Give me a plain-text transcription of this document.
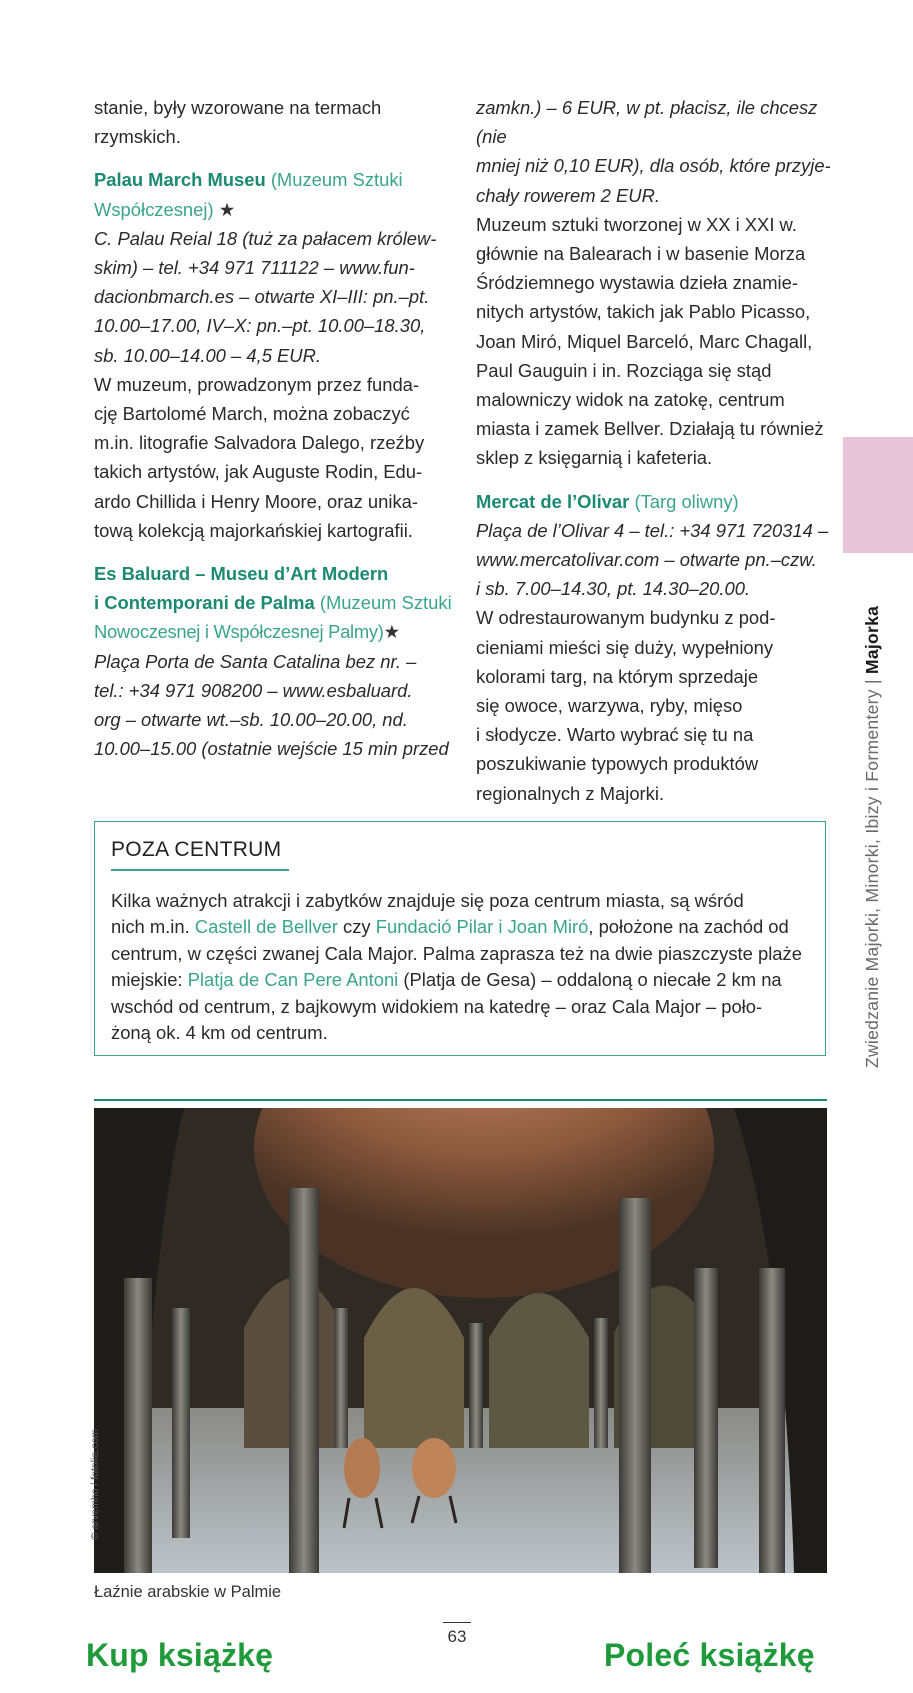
stanie, były wzorowane na termach

rzymskich.

Palau March Museu (Muzeum Sztuki

Współczesnej) ★

C. Palau Reial 18 (tuż za pałacem królew-

skim) – tel. +34 971 711122 – www.fun-

dacionbmarch.es – otwarte XI–III: pn.–pt.

10.00–17.00, IV–X: pn.–pt. 10.00–18.30,

sb. 10.00–14.00 – 4,5 EUR.

W muzeum, prowadzonym przez funda-

cję Bartolomé March, można zobaczyć

m.in. litografie Salvadora Dalego, rzeźby

takich artystów, jak Auguste Rodin, Edu-

ardo Chillida i Henry Moore, oraz unika-

tową kolekcją majorkańskiej kartografii.

Es Baluard – Museu d’Art Modern

i Contemporani de Palma (Muzeum Sztuki

Nowoczesnej i Współczesnej Palmy)★

Plaça Porta de Santa Catalina bez nr. –

tel.: +34 971 908200 – www.esbaluard.

org – otwarte wt.–sb. 10.00–20.00, nd.

10.00–15.00 (ostatnie wejście 15 min przed

zamkn.) – 6 EUR, w pt. płacisz, ile chcesz (nie

mniej niż 0,10 EUR), dla osób, które przyje-

chały rowerem 2 EUR.

Muzeum sztuki tworzonej w XX i XXI w.

głównie na Balearach i w basenie Morza

Śródziemnego wystawia dzieła znamie-

nitych artystów, takich jak Pablo Picasso,

Joan Miró, Miquel Barceló, Marc Chagall,

Paul Gauguin i in. Rozciąga się stąd

malowniczy widok na zatokę, centrum

miasta i zamek Bellver. Działają tu również

sklep z księgarnią i kafeteria.

Mercat de l’Olivar (Targ oliwny)

Plaça de l’Olivar 4 – tel.: +34 971 720314 –

www.mercatolivar.com – otwarte pn.–czw.

i sb. 7.00–14.30, pt. 14.30–20.00.

W odrestaurowanym budynku z pod-

cieniami mieści się duży, wypełniony

kolorami targ, na którym sprzedaje

się owoce, warzywa, ryby, mięso

i słodycze. Warto wybrać się tu na

poszukiwanie typowych produktów

regionalnych z Majorki.	Zwiedzanie Majorki, Minorki, Ibizy i Formentery | Majorka
POZA CENTRUM
Kilka ważnych atrakcji i zabytków znajduje się poza centrum miasta, są wśród
nich m.in. Castell de Bellver czy Fundació Pilar i Joan Miró, położone na zachód od
centrum, w części zwanej Cala Major. Palma zaprasza też na dwie piaszczyste plaże
miejskie: Platja de Can Pere Antoni (Platja de Gesa) – oddaloną o niecałe 2 km na
wschód od centrum, z bajkowym widokiem na katedrę – oraz Cala Major – poło-
żoną ok. 4 km od centrum.
© arvemho / fotolia.com
Łaźnie arabskie w Palmie
63
Kup książkę	Poleć książkę
